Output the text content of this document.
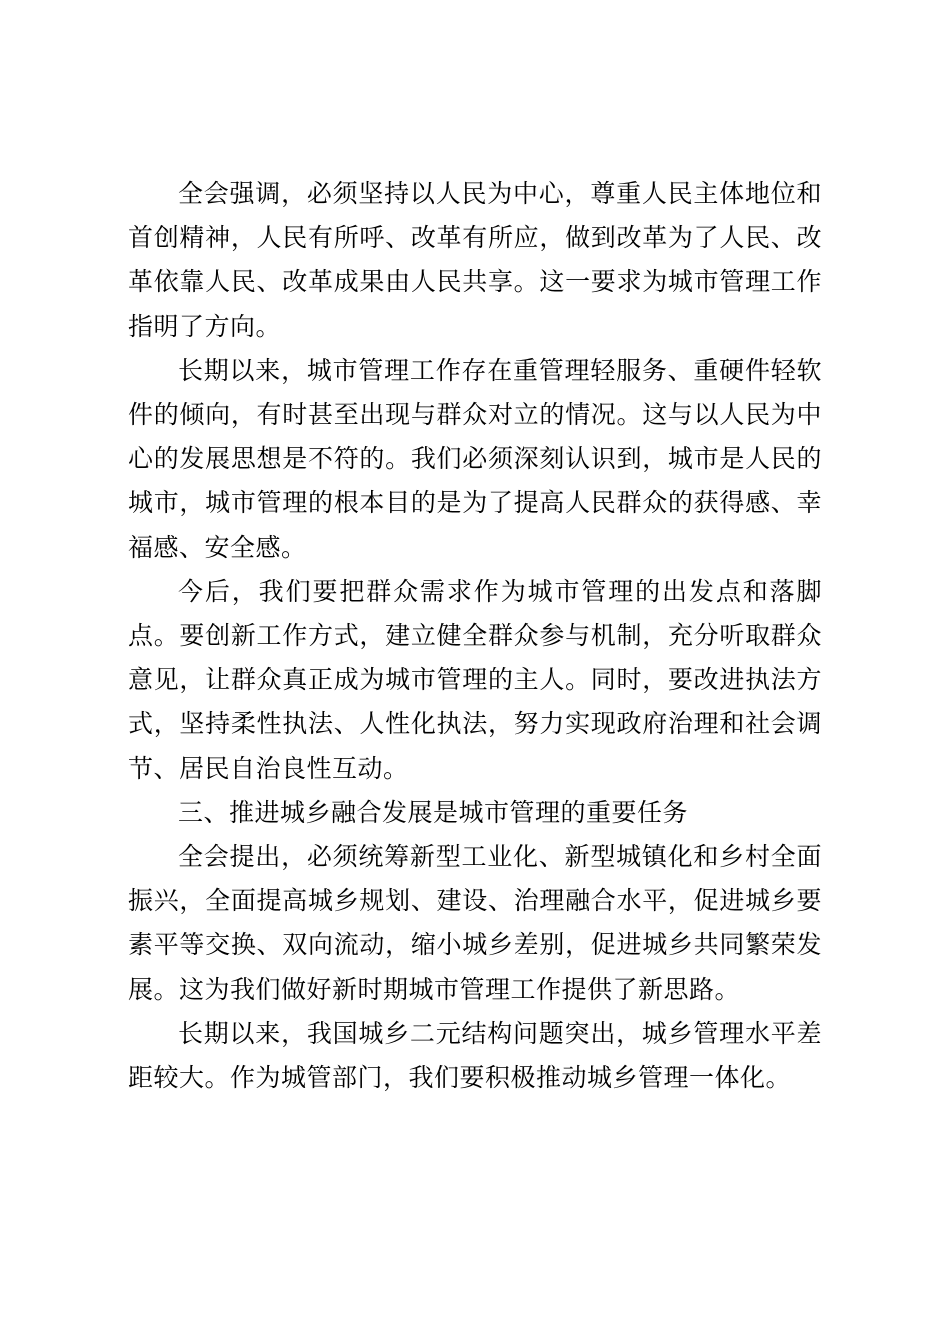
全会强调，必须坚持以人民为中心，尊重人民主体地位和首创精神，人民有所呼、改革有所应，做到改革为了人民、改革依靠人民、改革成果由人民共享。这一要求为城市管理工作指明了方向。

长期以来，城市管理工作存在重管理轻服务、重硬件轻软件的倾向，有时甚至出现与群众对立的情况。这与以人民为中心的发展思想是不符的。我们必须深刻认识到，城市是人民的城市，城市管理的根本目的是为了提高人民群众的获得感、幸福感、安全感。

今后，我们要把群众需求作为城市管理的出发点和落脚点。要创新工作方式，建立健全群众参与机制，充分听取群众意见，让群众真正成为城市管理的主人。同时，要改进执法方式，坚持柔性执法、人性化执法，努力实现政府治理和社会调节、居民自治良性互动。

三、推进城乡融合发展是城市管理的重要任务

全会提出，必须统筹新型工业化、新型城镇化和乡村全面振兴，全面提高城乡规划、建设、治理融合水平，促进城乡要素平等交换、双向流动，缩小城乡差别，促进城乡共同繁荣发展。这为我们做好新时期城市管理工作提供了新思路。

长期以来，我国城乡二元结构问题突出，城乡管理水平差距较大。作为城管部门，我们要积极推动城乡管理一体化。
